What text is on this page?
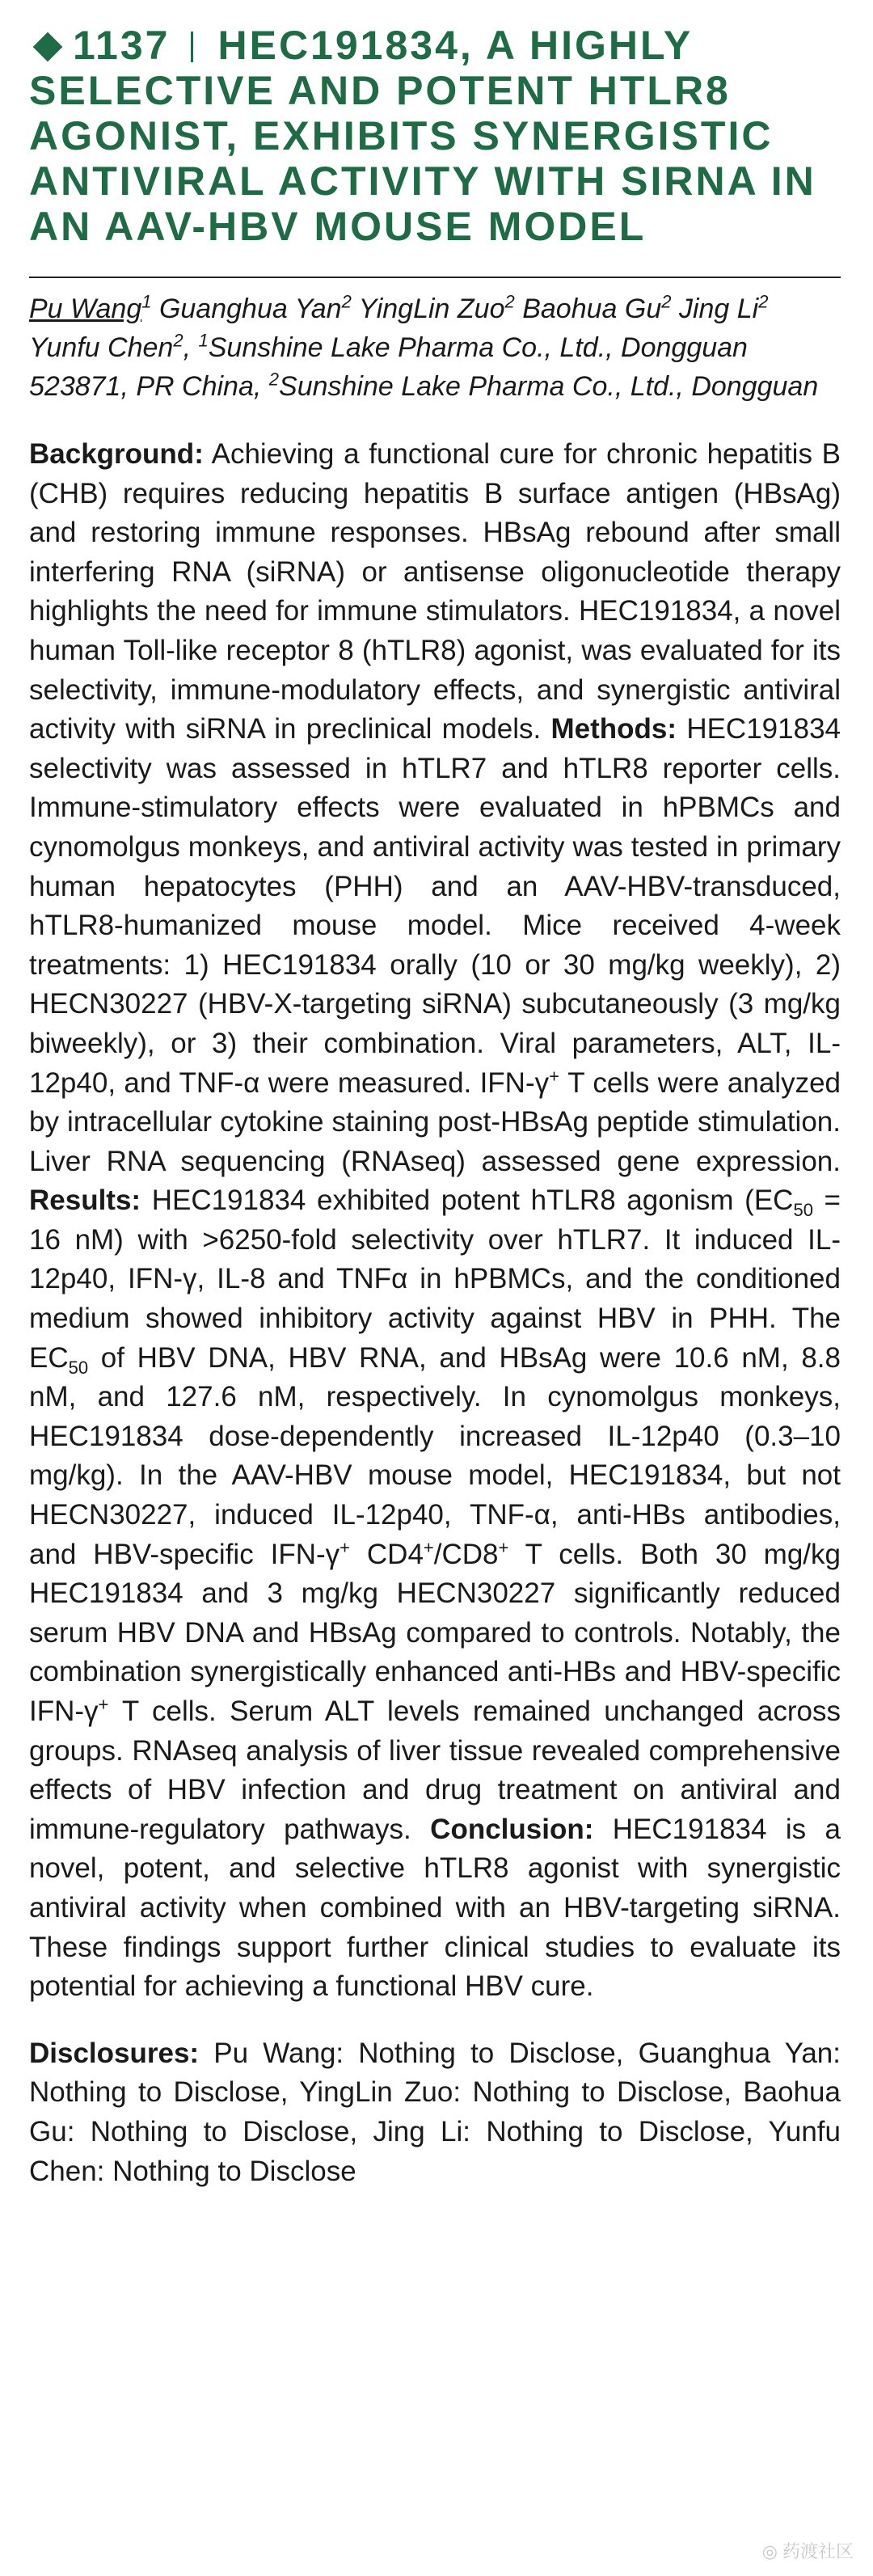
1137 HEC191834, A HIGHLY SELECTIVE AND POTENT HTLR8 AGONIST, EXHIBITS SYNERGISTIC ANTIVIRAL ACTIVITY WITH SIRNA IN AN AAV-HBV MOUSE MODEL
Pu Wang$^1$ Guanghua Yan$^2$ YingLin Zuo$^2$ Baohua Gu$^2$ Jing Li$^2$ Yunfu Chen$^2$, $^1$Sunshine Lake Pharma Co., Ltd., Dongguan 523871, PR China, $^2$Sunshine Lake Pharma Co., Ltd., Dongguan

Background: Achieving a functional cure for chronic hepatitis B (CHB) requires reducing hepatitis B surface antigen (HBsAg) and restoring immune responses. HBsAg rebound after small interfering RNA (siRNA) or antisense oligonucleotide therapy highlights the need for immune stimulators. HEC191834, a novel human Toll-like receptor 8 (hTLR8) agonist, was evaluated for its selectivity, immune-modulatory effects, and synergistic antiviral activity with siRNA in preclinical models. Methods: HEC191834 selectivity was assessed in hTLR7 and hTLR8 reporter cells. Immune-stimulatory effects were evaluated in hPBMCs and cynomolgus monkeys, and antiviral activity was tested in primary human hepatocytes (PHH) and an AAV-HBV-transduced, hTLR8-humanized mouse model. Mice received 4-week treatments: 1) HEC191834 orally (10 or 30 mg/kg weekly), 2) HECN30227 (HBV-X-targeting siRNA) subcutaneously (3 mg/kg biweekly), or 3) their combination. Viral parameters, ALT, IL-12p40, and TNF-α were measured. IFN-γ+ T cells were analyzed by intracellular cytokine staining post-HBsAg peptide stimulation. Liver RNA sequencing (RNAseq) assessed gene expression. Results: HEC191834 exhibited potent hTLR8 agonism ($EC_{50} = 16$ nM) with >6250-fold selectivity over hTLR7. It induced IL-12p40, IFN-γ, IL-8 and TNFα in hPBMCs, and the conditioned medium showed inhibitory activity against HBV in PHH. The $EC_{50}$ of HBV DNA, HBV RNA, and HBsAg were 10.6 nM, 8.8 nM, and 127.6 nM, respectively. In cynomolgus monkeys, HEC191834 dose-dependently increased IL-12p40 (0.3–10 mg/kg). In the AAV-HBV mouse model, HEC191834, but not HECN30227, induced IL-12p40, TNF-α, anti-HBs antibodies, and HBV-specific IFN-γ+ CD4+/CD8+ T cells. Both 30 mg/kg HEC191834 and 3 mg/kg HECN30227 significantly reduced serum HBV DNA and HBsAg compared to controls. Notably, the combination synergistically enhanced anti-HBs and HBV-specific IFN-γ+ T cells. Serum ALT levels remained unchanged across groups. RNAseq analysis of liver tissue revealed comprehensive effects of HBV infection and drug treatment on antiviral and immune-regulatory pathways. Conclusion: HEC191834 is a novel, potent, and selective hTLR8 agonist with synergistic antiviral activity when combined with an HBV-targeting siRNA. These findings support further clinical studies to evaluate its potential for achieving a functional HBV cure.

Disclosures: Pu Wang: Nothing to Disclose, Guanghua Yan: Nothing to Disclose, YingLin Zuo: Nothing to Disclose, Baohua Gu: Nothing to Disclose, Jing Li: Nothing to Disclose, Yunfu Chen: Nothing to Disclose
◎ 药渡社区
